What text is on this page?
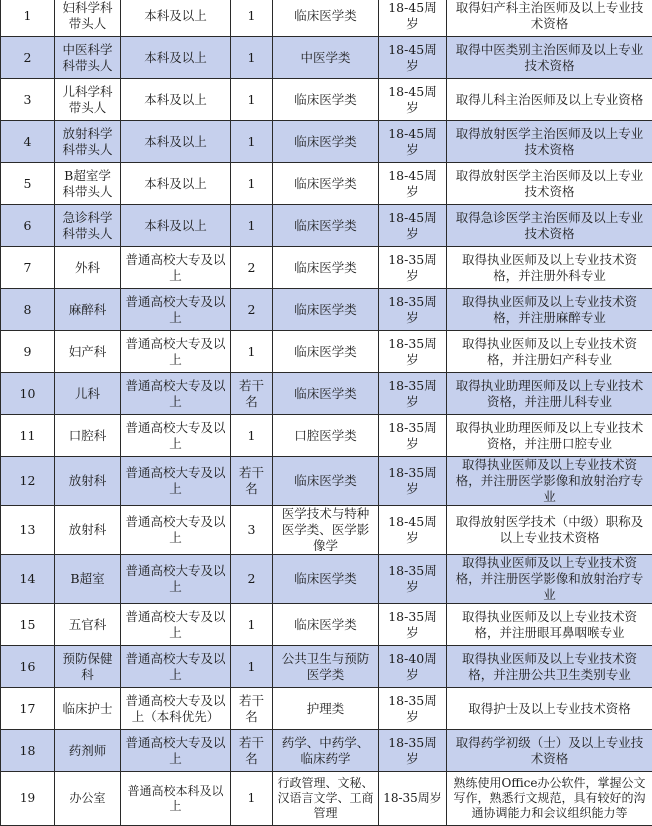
1	妇科学科带头人	本科及以上	1	临床医学类	18-45周岁	取得妇产科主治医师及以上专业技术资格
2	中医科学科带头人	本科及以上	1	中医学类	18-45周岁	取得中医类别主治医师及以上专业技术资格
3	儿科学科带头人	本科及以上	1	临床医学类	18-45周岁	取得儿科主治医师及以上专业资格
4	放射科学科带头人	本科及以上	1	临床医学类	18-45周岁	取得放射医学主治医师及以上专业技术资格
5	B超室学科带头人	本科及以上	1	临床医学类	18-45周岁	取得放射医学主治医师及以上专业技术资格
6	急诊科学科带头人	本科及以上	1	临床医学类	18-45周岁	取得急诊医学主治医师及以上专业技术资格
7	外科	普通高校大专及以上	2	临床医学类	18-35周岁	取得执业医师及以上专业技术资格，并注册外科专业
8	麻醉科	普通高校大专及以上	2	临床医学类	18-35周岁	取得执业医师及以上专业技术资格，并注册麻醉专业
9	妇产科	普通高校大专及以上	1	临床医学类	18-35周岁	取得执业医师及以上专业技术资格，并注册妇产科专业
10	儿科	普通高校大专及以上	若干名	临床医学类	18-35周岁	取得执业助理医师及以上专业技术资格，并注册儿科专业
11	口腔科	普通高校大专及以上	1	口腔医学类	18-35周岁	取得执业助理医师及以上专业技术资格，并注册口腔专业
12	放射科	普通高校大专及以上	若干名	临床医学类	18-35周岁	取得执业医师及以上专业技术资格，并注册医学影像和放射治疗专业
13	放射科	普通高校大专及以上	3	医学技术与特种医学类、医学影像学	18-45周岁	取得放射医学技术（中级）职称及以上专业技术资格
14	B超室	普通高校大专及以上	2	临床医学类	18-35周岁	取得执业医师及以上专业技术资格，并注册医学影像和放射治疗专业
15	五官科	普通高校大专及以上	1	临床医学类	18-35周岁	取得执业医师及以上专业技术资格，并注册眼耳鼻咽喉专业
16	预防保健科	普通高校大专及以上	1	公共卫生与预防医学类	18-40周岁	取得执业医师及以上专业技术资格，并注册公共卫生类别专业
17	临床护士	普通高校大专及以上（本科优先）	若干名	护理类	18-35周岁	取得护士及以上专业技术资格
18	药剂师	普通高校大专及以上	若干名	药学、中药学、临床药学	18-35周岁	取得药学初级（士）及以上专业技术资格
19	办公室	普通高校本科及以上	1	行政管理、文秘、汉语言文学、工商管理	18-35周岁	熟练使用Office办公软件，掌握公文写作，熟悉行文规范，具有较好的沟通协调能力和会议组织能力等
